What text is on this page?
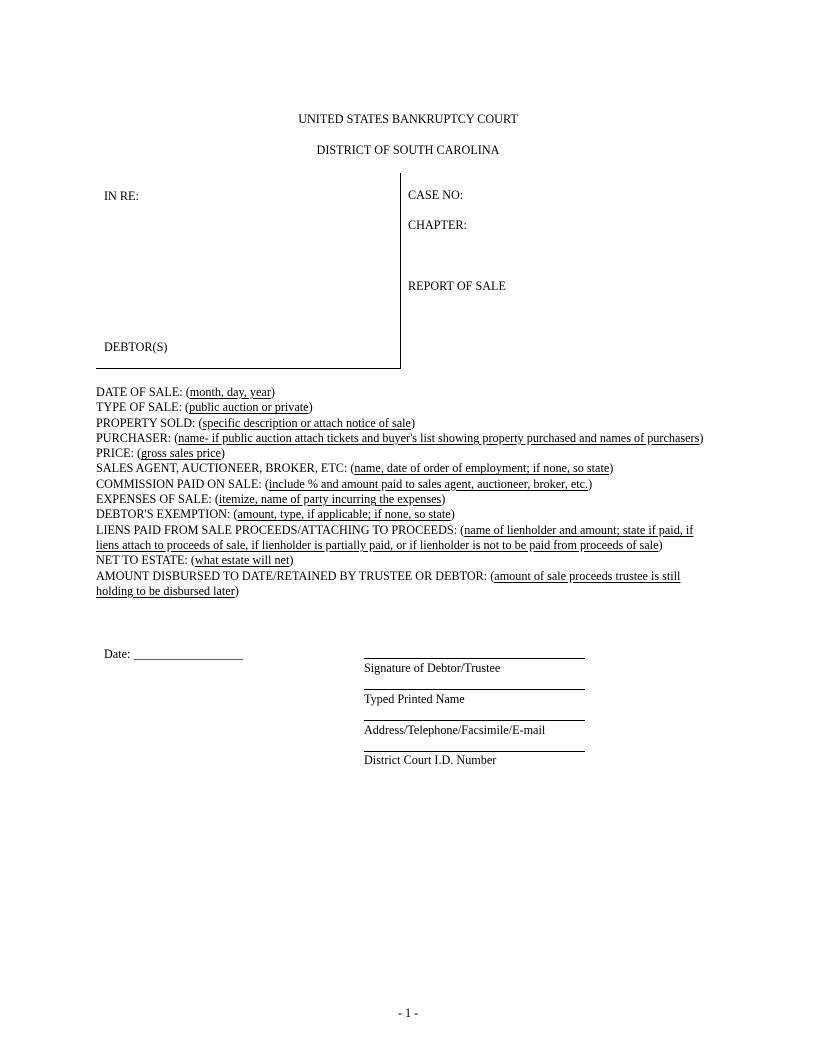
UNITED STATES BANKRUPTCY COURT
DISTRICT OF SOUTH CAROLINA
IN RE:
DEBTOR(S)
CASE NO:
CHAPTER:
REPORT OF SALE
DATE OF SALE: (month, day, year)
TYPE OF SALE: (public auction or private)
PROPERTY SOLD: (specific description or attach notice of sale)
PURCHASER: (name- if public auction attach tickets and buyer's list showing property purchased and names of purchasers)
PRICE: (gross sales price)
SALES AGENT, AUCTIONEER, BROKER, ETC: (name, date of order of employment; if none, so state)
COMMISSION PAID ON SALE: (include % and amount paid to sales agent, auctioneer, broker, etc.)
EXPENSES OF SALE: (itemize, name of party incurring the expenses)
DEBTOR'S EXEMPTION: (amount, type, if applicable; if none, so state)
LIENS PAID FROM SALE PROCEEDS/ATTACHING TO PROCEEDS: (name of lienholder and amount; state if paid, if liens attach to proceeds of sale, if lienholder is partially paid, or if lienholder is not to be paid from proceeds of sale)
NET TO ESTATE: (what estate will net)
AMOUNT DISBURSED TO DATE/RETAINED BY TRUSTEE OR DEBTOR: (amount of sale proceeds trustee is still holding to be disbursed later)
Date: __________________
Signature of Debtor/Trustee
Typed Printed Name
Address/Telephone/Facsimile/E-mail
District Court I.D. Number
- 1 -
